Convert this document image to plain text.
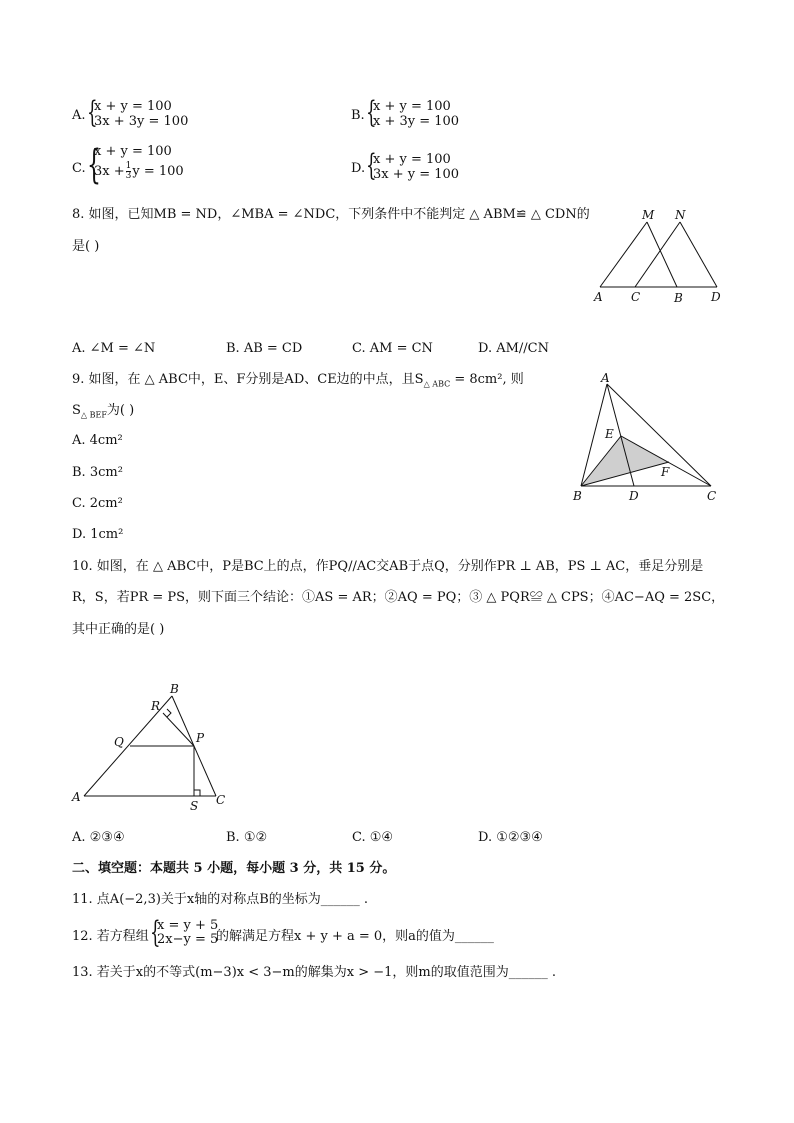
A. {
x + y = 100
3x + 3y = 100	B. {
x + y = 100
x + 3y = 100
C. {
x + y = 100
$3x + \frac{1}{3}$ y = 100	D. {
x + y = 100
3x + y = 100
8. 如图，已知MB = ND，∠MBA = ∠NDC，下列条件中不能判定 △ ABM≌ △ CDN的
是( )
M N
A C	B D
A. ∠M = ∠N	B. AB = CD	C. AM = CN	D. AM//CN
9. 如图，在 △ ABC中，E、F分别是AD、CE边的中点，且$S_{\triangle ABC} = 8cm^2$, 则
$S_{\triangle BEF}$为( )
A. 4cm²
B. 3cm²
C. 2cm²
D. 1cm²
A
E
F
B	D	C
10. 如图，在 △ ABC中，P是BC上的点，作PQ//AC交AB于点Q，分别作PR ⊥ AB，PS ⊥ AC，垂足分别是
R，S，若PR = PS，则下面三个结论：①AS = AR；②AQ = PQ；③ △ PQR≌ △ CPS；④AC−AQ = 2SC，
其中正确的是( )
B
R
Q	P
A
S C
A. ②③④	B. ①②	C. ①④	D. ①②③④
二、填空题：本题共 5 小题，每小题 3 分，共 15 分。
11. 点A(−2,3)关于x轴的对称点B的坐标为______ .
12. 若方程组 {
x = y + 5
2x−y = 5
的解满足方程x + y + a = 0，则a的值为______
13. 若关于x的不等式(m−3)x < 3−m的解集为x > −1，则m的取值范围为______ .
